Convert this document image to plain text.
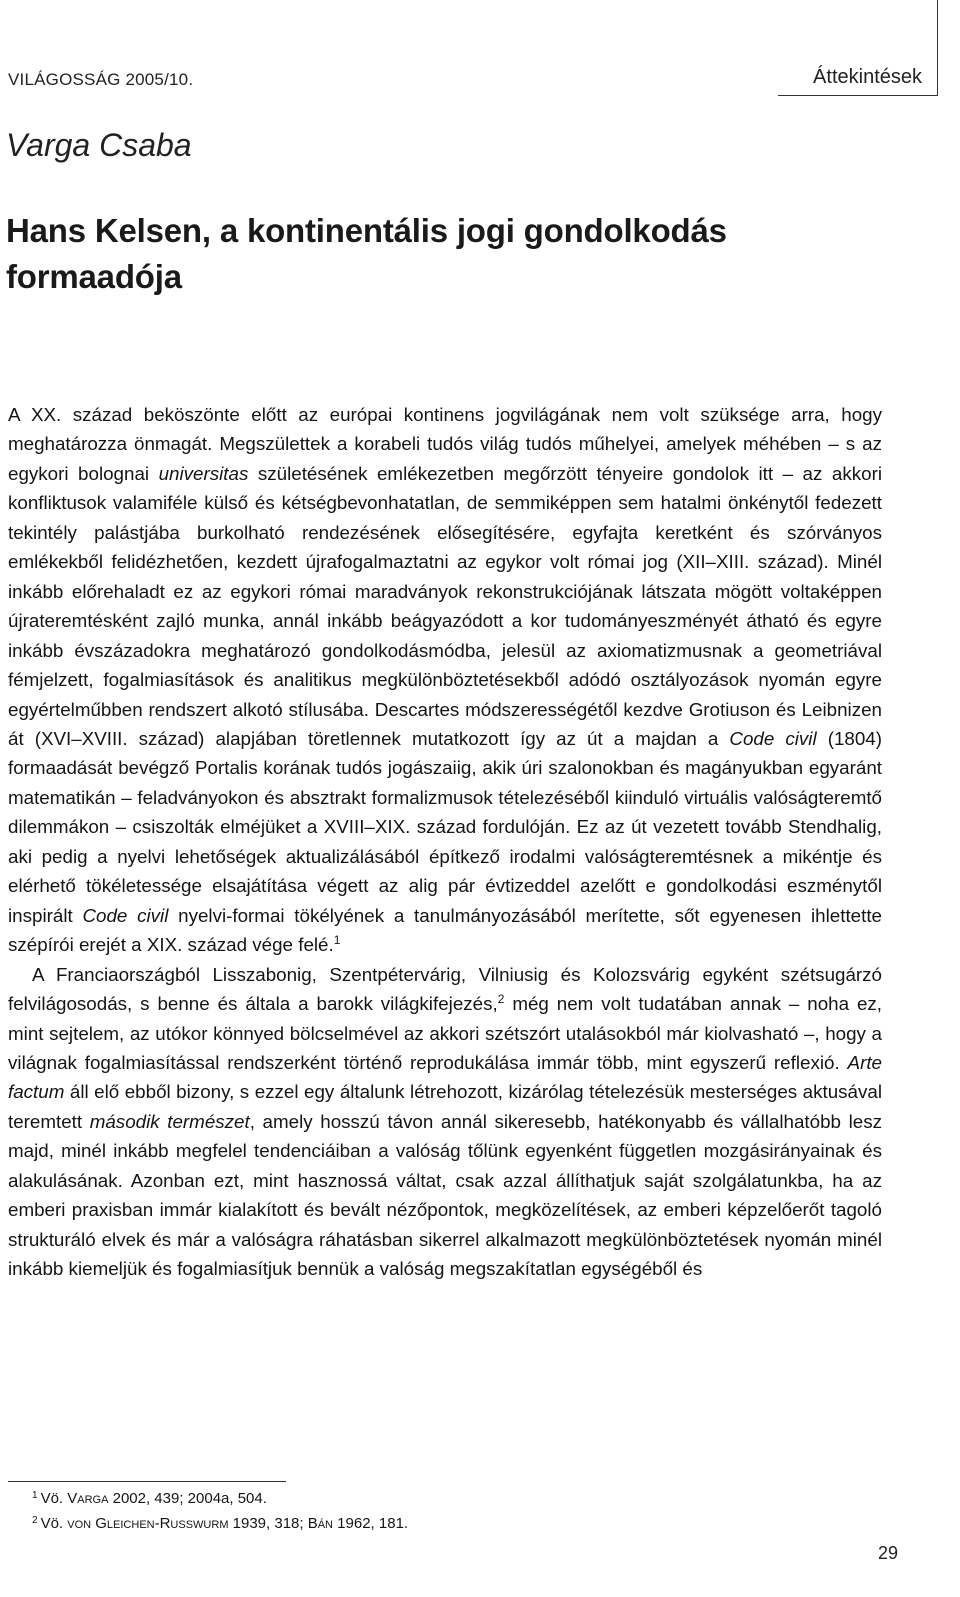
VILÁGOSSÁG 2005/10.	Áttekintések
Varga Csaba
Hans Kelsen, a kontinentális jogi gondolkodás formaadója

A XX. század beköszönte előtt az európai kontinens jogvilágának nem volt szüksége arra, hogy meghatározza önmagát. Megszülettek a korabeli tudós világ tudós műhelyei, amelyek méhében – s az egykori bolognai universitas születésének emlékezetben megőrzött tényeire gondolok itt – az akkori konfliktusok valamiféle külső és kétségbevonhatatlan, de semmiképpen sem hatalmi önkénytől fedezett tekintély palástjába burkolható rendezésének elősegítésére, egyfajta keretként és szórványos emlékekből felidézhetően, kezdett újrafogalmaztatni az egykor volt római jog (XII–XIII. század). Minél inkább előrehaladt ez az egykori római maradványok rekonstrukciójának látszata mögött voltaképpen újrateremtésként zajló munka, annál inkább beágyazódott a kor tudományeszményét átható és egyre inkább évszázadokra meghatározó gondolkodásmódba, jelesül az axiomatizmusnak a geometriával fémjelzett, fogalmiasítások és analitikus megkülönböztetésekből adódó osztályozások nyomán egyre egyértelműbben rendszert alkotó stílusába. Descartes módszerességétől kezdve Grotiuson és Leibnizen át (XVI–XVIII. század) alapjában töretlennek mutatkozott így az út a majdan a Code civil (1804) formaadását bevégző Portalis korának tudós jogászaiig, akik úri szalonokban és magányukban egyaránt matematikán – feladványokon és absztrakt formalizmusok tételezéséből kiinduló virtuális valóságteremtő dilemmákon – csiszolták elméjüket a XVIII–XIX. század fordulóján. Ez az út vezetett tovább Stendhalig, aki pedig a nyelvi lehetőségek aktualizálásából építkező irodalmi valóságteremtésnek a mikéntje és elérhető tökéletessége elsajátítása végett az alig pár évtizeddel azelőtt e gondolkodási eszménytől inspirált Code civil nyelvi-formai tökélyének a tanulmányozásából merítette, sőt egyenesen ihlettette szépírói erejét a XIX. század vége felé.$^1$

A Franciaországból Lisszabonig, Szentpétervárig, Vilniusig és Kolozsvárig egyként szétsugárzó felvilágosodás, s benne és általa a barokk világkifejezés,$^2$ még nem volt tudatában annak – noha ez, mint sejtelem, az utókor könnyed bölcselmével az akkori szétszórt utalásokból már kiolvasható –, hogy a világnak fogalmiasítással rendszerként történő reprodukálása immár több, mint egyszerű reflexió. Arte factum áll elő ebből bizony, s ezzel egy általunk létrehozott, kizárólag tételezésük mesterséges aktusával teremtett második természet, amely hosszú távon annál sikeresebb, hatékonyabb és vállalhatóbb lesz majd, minél inkább megfelel tendenciáiban a valóság tőlünk egyenként független mozgásirányainak és alakulásának. Azonban ezt, mint hasznossá váltat, csak azzal állíthatjuk saját szolgálatunkba, ha az emberi praxisban immár kialakított és bevált nézőpontok, megközelítések, az emberi képzelőerőt tagoló strukturáló elvek és már a valóságra ráhatásban sikerrel alkalmazott megkülönböztetések nyomán minél inkább kiemeljük és fogalmiasítjuk bennük a valóság megszakítatlan egységéből és

$^1$ Vö. Varga 2002, 439; 2004a, 504.
$^2$ Vö. von Gleichen-Russwurm 1939, 318; Bán 1962, 181.
29
